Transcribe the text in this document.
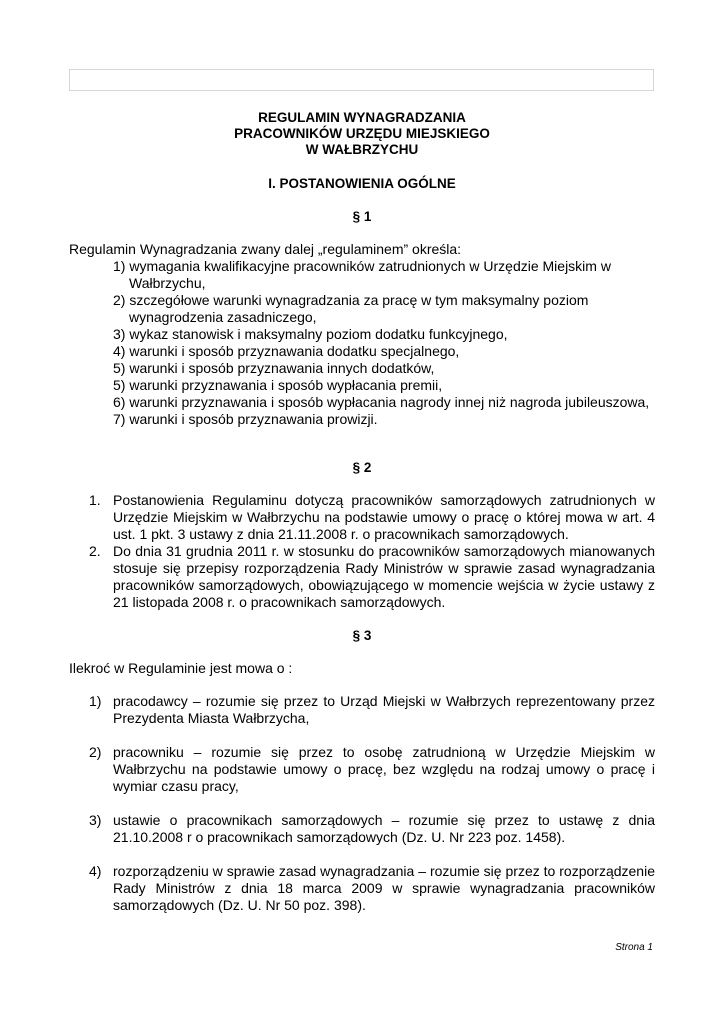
REGULAMIN WYNAGRADZANIA
PRACOWNIKÓW URZĘDU MIEJSKIEGO
W WAŁBRZYCHU
I. POSTANOWIENIA OGÓLNE
§ 1
Regulamin Wynagradzania zwany dalej „regulaminem” określa:
1) wymagania kwalifikacyjne pracowników zatrudnionych w Urzędzie Miejskim w Wałbrzychu,
2) szczegółowe warunki wynagradzania za pracę w tym maksymalny poziom wynagrodzenia zasadniczego,
3) wykaz stanowisk i maksymalny poziom dodatku funkcyjnego,
4) warunki i sposób przyznawania dodatku specjalnego,
5) warunki i sposób przyznawania innych dodatków,
5) warunki przyznawania i sposób wypłacania premii,
6) warunki przyznawania i sposób wypłacania nagrody innej niż nagroda jubileuszowa,
7) warunki i sposób przyznawania prowizji.
§ 2
1. Postanowienia Regulaminu dotyczą pracowników samorządowych zatrudnionych w Urzędzie Miejskim w Wałbrzychu na podstawie umowy o pracę o której mowa w art. 4 ust. 1 pkt. 3 ustawy z dnia 21.11.2008 r. o pracownikach samorządowych.
2. Do dnia 31 grudnia 2011 r. w stosunku do pracowników samorządowych mianowanych stosuje się przepisy rozporządzenia Rady Ministrów w sprawie zasad wynagradzania pracowników samorządowych, obowiązującego w momencie wejścia w życie ustawy z 21 listopada 2008 r. o pracownikach samorządowych.
§ 3
Ilekroć w Regulaminie jest mowa o :
1) pracodawcy – rozumie się przez to Urząd Miejski w Wałbrzych reprezentowany przez Prezydenta Miasta Wałbrzycha,
2) pracowniku – rozumie się przez to osobę zatrudnioną w Urzędzie Miejskim w Wałbrzychu na podstawie umowy o pracę, bez względu na rodzaj umowy o pracę i wymiar czasu pracy,
3) ustawie o pracownikach samorządowych – rozumie się przez to ustawę z dnia 21.10.2008 r o pracownikach samorządowych (Dz. U. Nr 223 poz. 1458).
4) rozporządzeniu w sprawie zasad wynagradzania – rozumie się przez to rozporządzenie Rady Ministrów z dnia 18 marca 2009 w sprawie wynagradzania pracowników samorządowych (Dz. U. Nr 50 poz. 398).
Strona 1
